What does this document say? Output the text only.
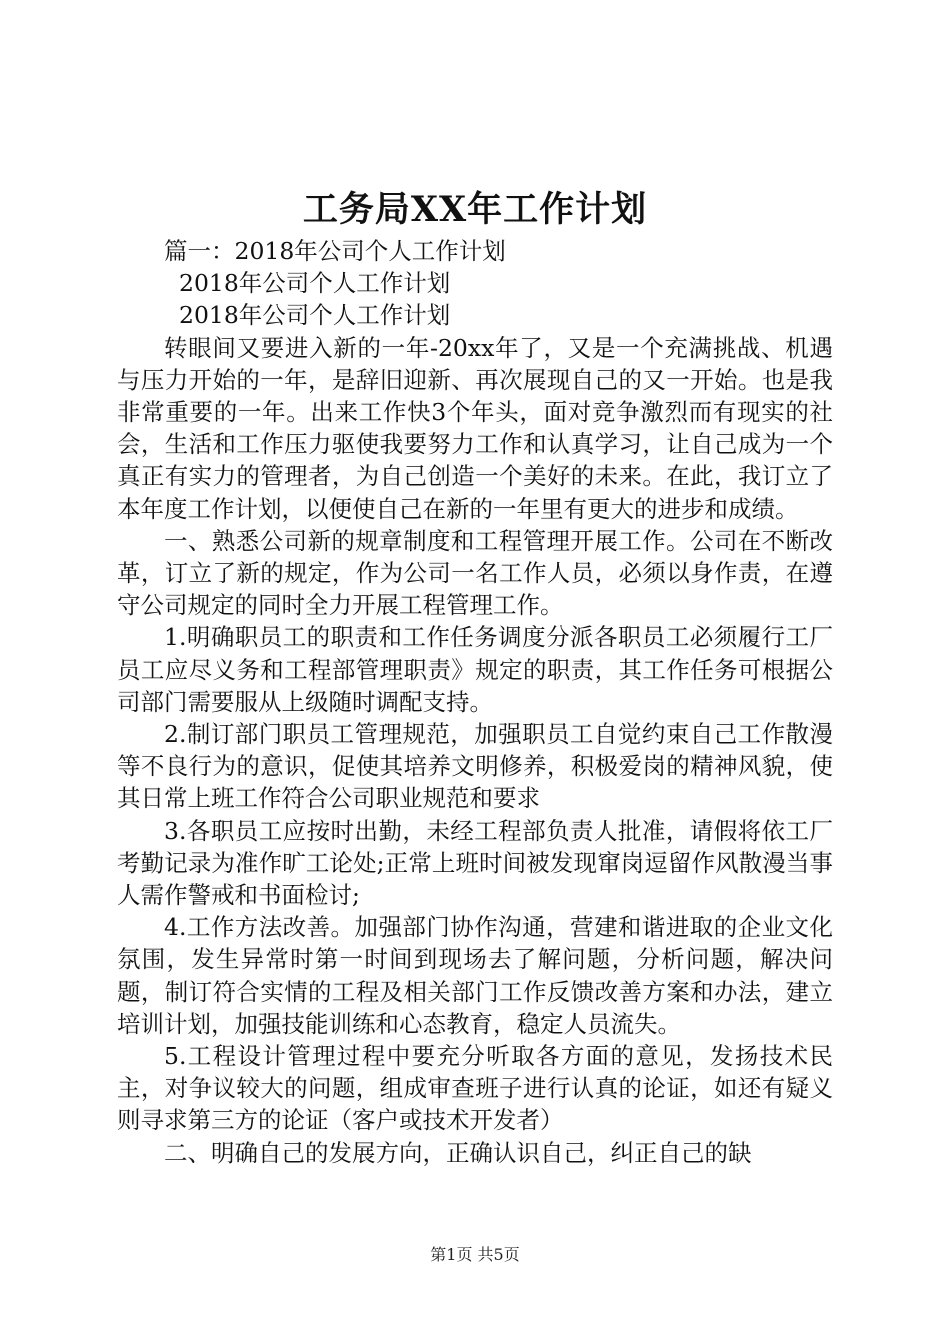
工务局XX年工作计划

篇一：2018年公司个人工作计划

2018年公司个人工作计划

2018年公司个人工作计划

转眼间又要进入新的一年-20xx年了，又是一个充满挑战、机遇与压力开始的一年，是辞旧迎新、再次展现自己的又一开始。也是我非常重要的一年。出来工作快3个年头，面对竞争激烈而有现实的社会，生活和工作压力驱使我要努力工作和认真学习，让自己成为一个真正有实力的管理者，为自己创造一个美好的未来。在此，我订立了本年度工作计划，以便使自己在新的一年里有更大的进步和成绩。

一、熟悉公司新的规章制度和工程管理开展工作。公司在不断改革，订立了新的规定，作为公司一名工作人员，必须以身作责，在遵守公司规定的同时全力开展工程管理工作。

1.明确职员工的职责和工作任务调度分派各职员工必须履行工厂员工应尽义务和工程部管理职责》规定的职责，其工作任务可根据公司部门需要服从上级随时调配支持。

2.制订部门职员工管理规范，加强职员工自觉约束自己工作散漫等不良行为的意识，促使其培养文明修养，积极爱岗的精神风貌，使其日常上班工作符合公司职业规范和要求

3.各职员工应按时出勤，未经工程部负责人批准，请假将依工厂考勤记录为准作旷工论处;正常上班时间被发现窜岗逗留作风散漫当事人需作警戒和书面检讨;

4.工作方法改善。加强部门协作沟通，营建和谐进取的企业文化氛围，发生异常时第一时间到现场去了解问题，分析问题，解决问题，制订符合实情的工程及相关部门工作反馈改善方案和办法，建立培训计划，加强技能训练和心态教育，稳定人员流失。

5.工程设计管理过程中要充分听取各方面的意见，发扬技术民主，对争议较大的问题，组成审查班子进行认真的论证，如还有疑义则寻求第三方的论证（客户或技术开发者）

二、明确自己的发展方向，正确认识自己，纠正自己的缺

第1页 共5页
